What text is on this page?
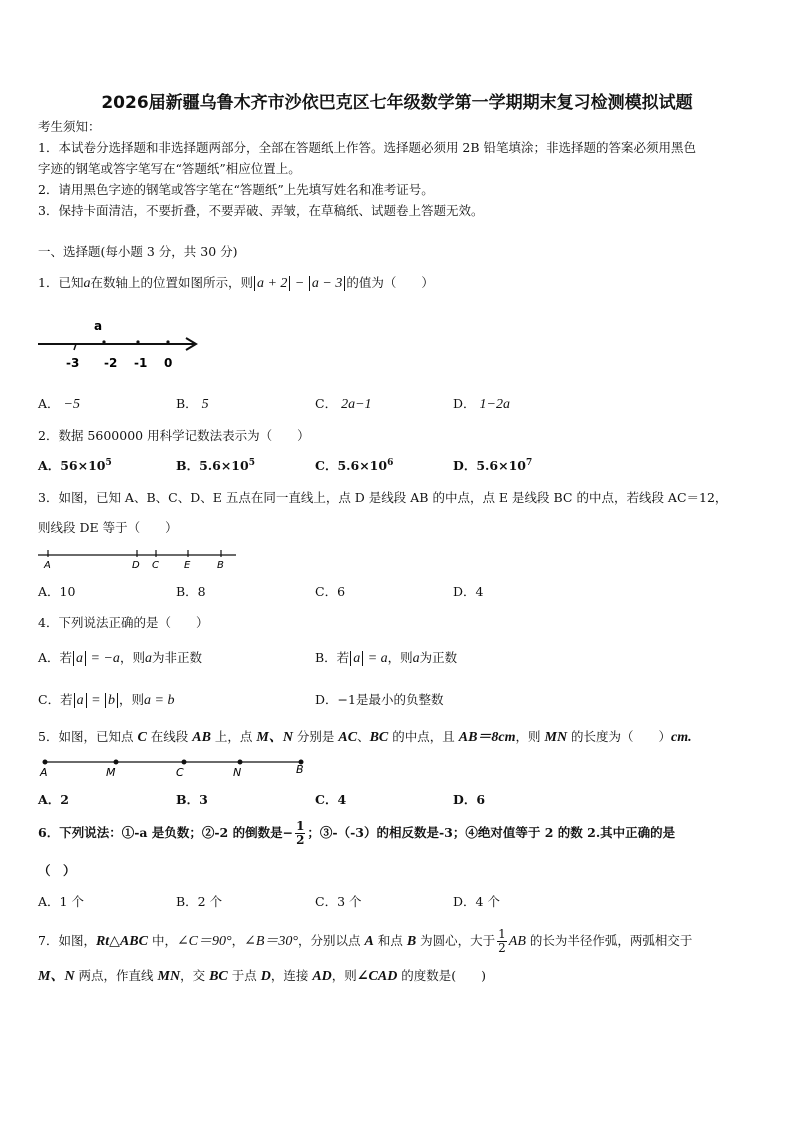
2026届新疆乌鲁木齐市沙依巴克区七年级数学第一学期期末复习检测模拟试题
考生须知：
1．本试卷分选择题和非选择题两部分，全部在答题纸上作答。选择题必须用 2B 铅笔填涂；非选择题的答案必须用黑色
字迹的钢笔或答字笔写在“答题纸”相应位置上。
2．请用黑色字迹的钢笔或答字笔在“答题纸”上先填写姓名和准考证号。
3．保持卡面清洁，不要折叠，不要弄破、弄皱，在草稿纸、试题卷上答题无效。
一、选择题(每小题 3 分，共 30 分)
1．已知a在数轴上的位置如图所示，则 a + 2 − a − 3 的值为（　　）
a
-3 -2 -1 0
A． −5	B． 5	C． 2a−1	D． 1−2a
2．数据 5600000 用科学记数法表示为（　　）
A．$56\times 10^5$	B．$5.6\times 10^5$	C．$5.6\times 10^6$	D．$5.6\times 10^7$
3．如图，已知 A、B、C、D、E 五点在同一直线上，点 D 是线段 AB 的中点，点 E 是线段 BC 的中点，若线段 AC＝12，
则线段 DE 等于（　　）
A	D C	E	B
A．10	B．8	C．6	D．4
4．下列说法正确的是（　　）
A．若 a = −a，则a为非正数	B．若 a = a，则a为正数
C．若 a = b ，则a = b	D．−1是最小的负整数
5．如图，已知点 C 在线段 AB 上，点 M、N 分别是 AC、BC 的中点，且 AB＝8cm，则 MN 的长度为（　　）cm.
A	M	C	N	B
A．2	B．3	C．4	D．6
6．下列说法：①-a 是负数；②-2 的倒数是− $\frac{1}{2}$ ；③-（-3）的相反数是-3；④绝对值等于 2 的数 2.其中正确的是
（　）
A．1 个	B．2 个	C．3 个	D．4 个
7．如图，Rt△ABC 中，∠C＝90°，∠B＝30°，分别以点 A 和点 B 为圆心，大于 $\frac{1}{2}$ AB 的长为半径作弧，两弧相交于
M、N 两点，作直线 MN，交 BC 于点 D，连接 AD，则∠CAD 的度数是(　　)
